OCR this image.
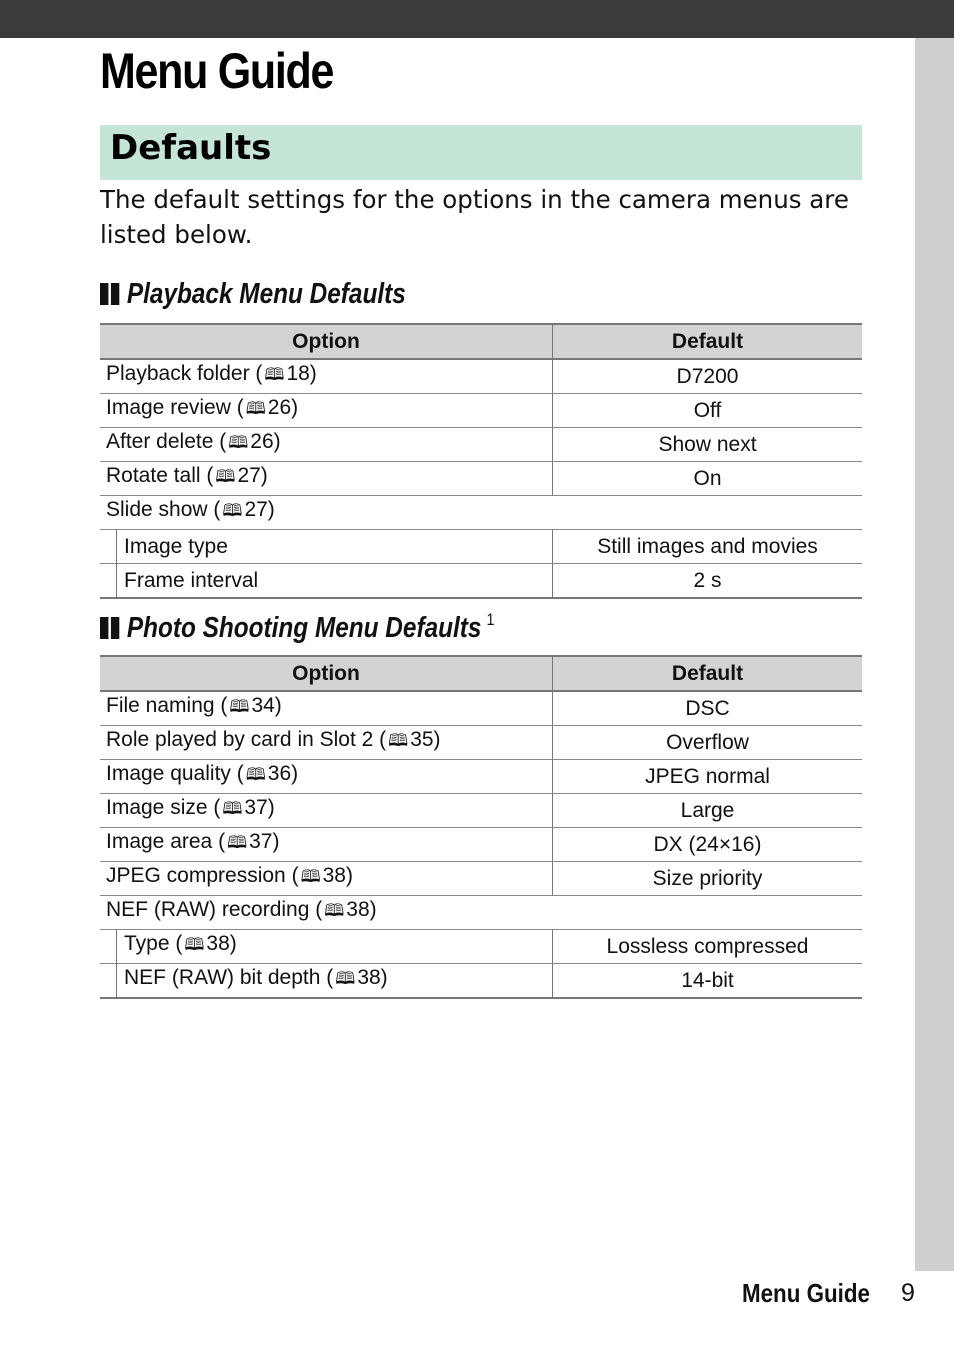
Menu Guide
Defaults

The default settings for the options in the camera menus are listed below.

Playback Menu Defaults
Option	Default
Playback folder ( 🕮18)	D7200
Image review ( 🕮26)	Off
After delete ( 🕮26)	Show next
Rotate tall ( 🕮27)	On
Slide show ( 🕮27)	
Image type	Still images and movies
Frame interval	2 s
Photo Shooting Menu Defaults $^1$
Option	Default
File naming ( 🕮34)	DSC
Role played by card in Slot 2 ( 🕮35)	Overflow
Image quality ( 🕮36)	JPEG normal
Image size ( 🕮37)	Large
Image area ( 🕮37)	DX (24×16)
JPEG compression ( 🕮38)	Size priority
NEF (RAW) recording ( 🕮38)	
Type ( 🕮38)	Lossless compressed
NEF (RAW) bit depth ( 🕮38)	14-bit

Menu Guide 9
